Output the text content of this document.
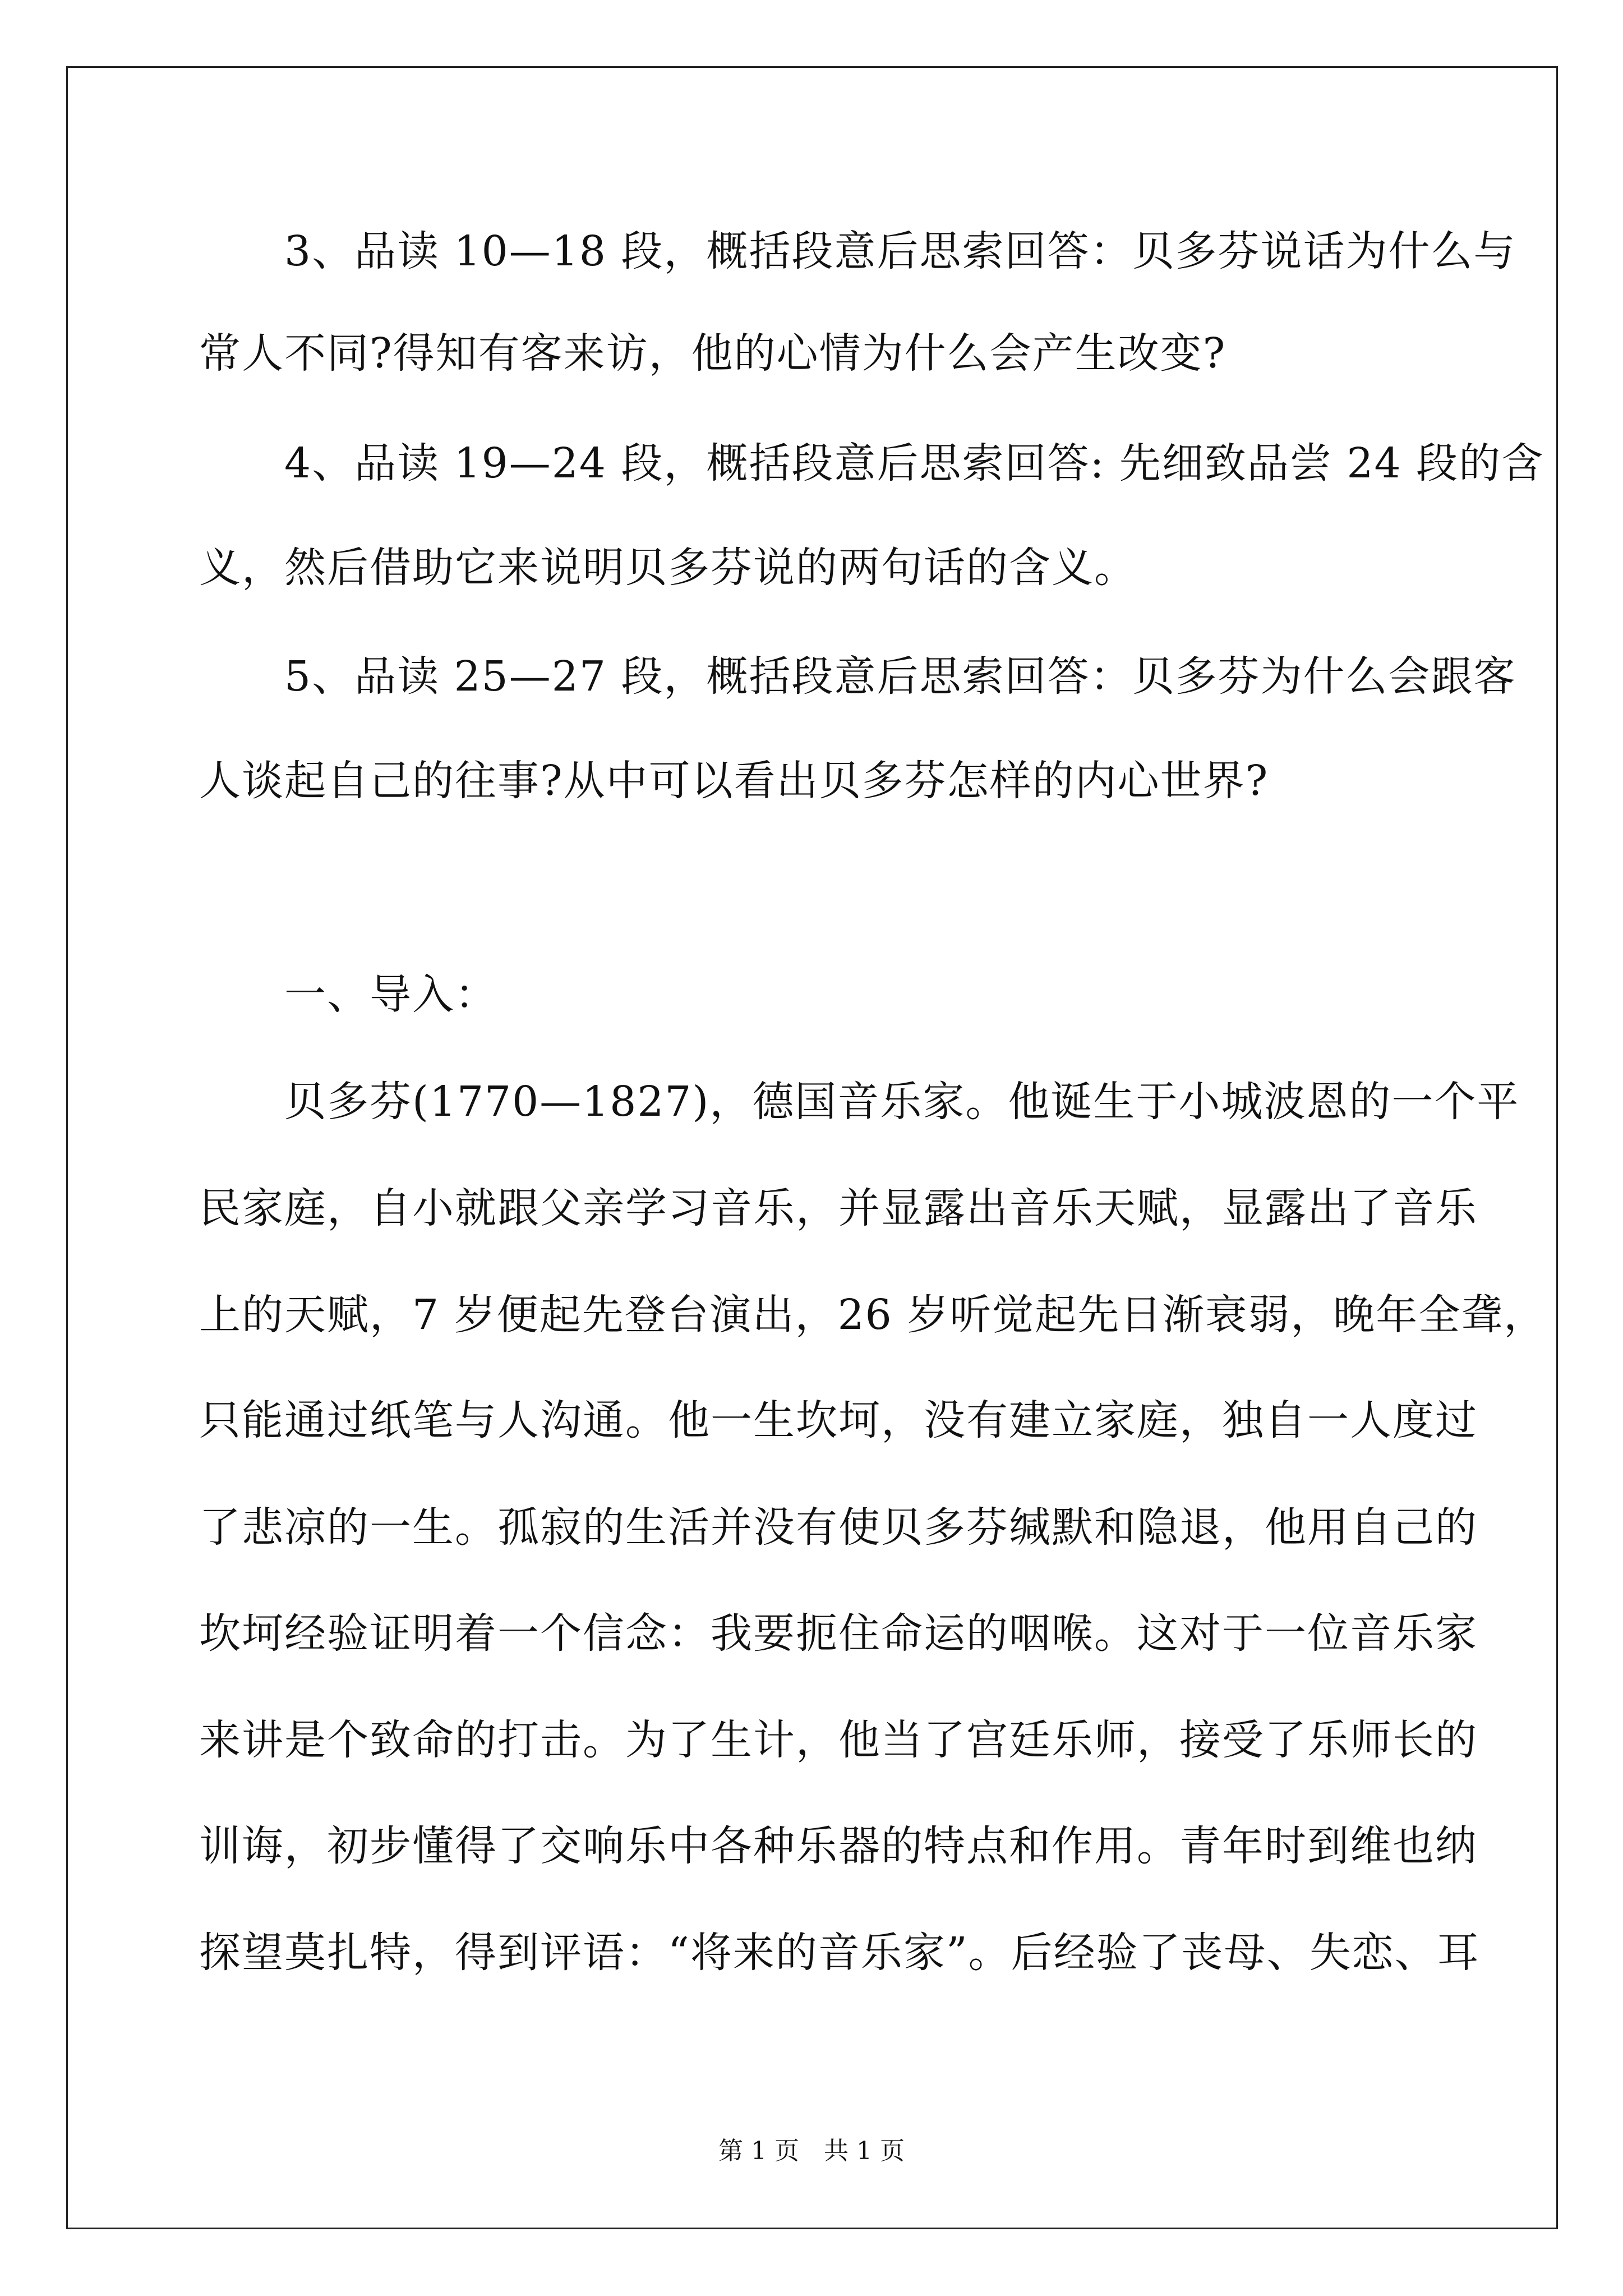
　　3、品读 10—18 段，概括段意后思索回答：贝多芬说话为什么与
常人不同?得知有客来访，他的心情为什么会产生改变?
　　4、品读 19—24 段，概括段意后思索回答: 先细致品尝 24 段的含
义，然后借助它来说明贝多芬说的两句话的含义。
　　5、品读 25—27 段，概括段意后思索回答：贝多芬为什么会跟客
人谈起自己的往事?从中可以看出贝多芬怎样的内心世界?
　　一、导入：
　　贝多芬(1770—1827)，德国音乐家。他诞生于小城波恩的一个平
民家庭，自小就跟父亲学习音乐，并显露出音乐天赋，显露出了音乐
上的天赋，7 岁便起先登台演出，26 岁听觉起先日渐衰弱，晚年全聋，
只能通过纸笔与人沟通。他一生坎坷，没有建立家庭，独自一人度过
了悲凉的一生。孤寂的生活并没有使贝多芬缄默和隐退，他用自己的
坎坷经验证明着一个信念：我要扼住命运的咽喉。这对于一位音乐家
来讲是个致命的打击。为了生计，他当了宫廷乐师，接受了乐师长的
训诲，初步懂得了交响乐中各种乐器的特点和作用。青年时到维也纳
探望莫扎特，得到评语：“将来的音乐家”。后经验了丧母、失恋、耳
第 1 页　共 1 页
